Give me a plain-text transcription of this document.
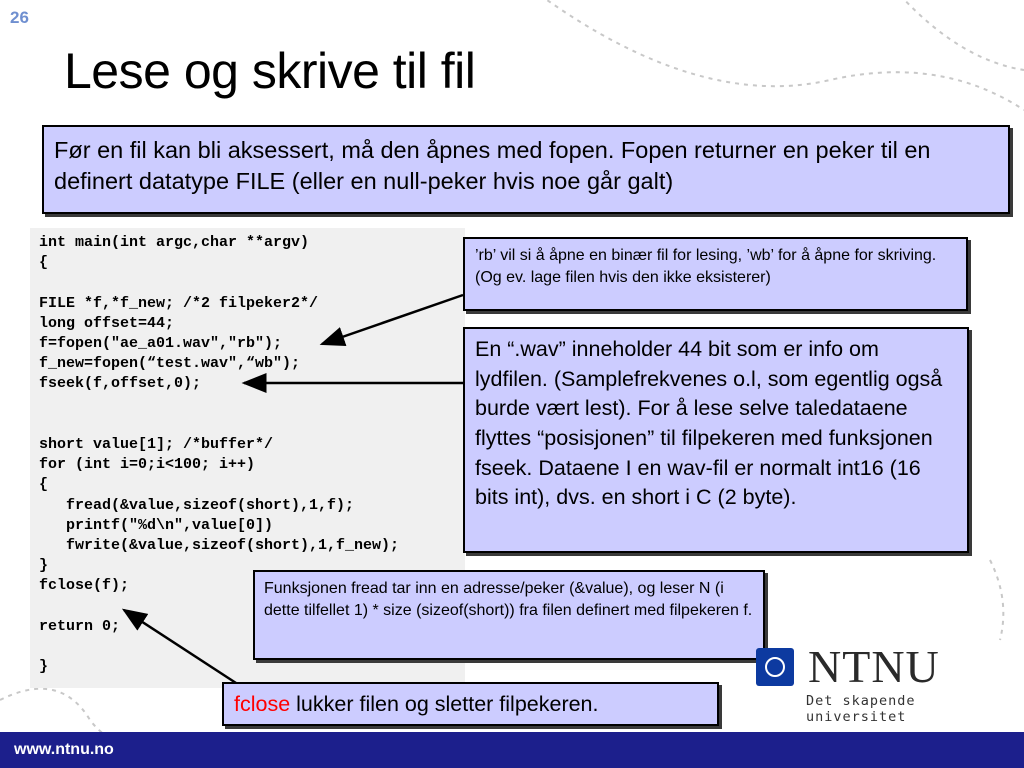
26
Lese og skrive til fil
Før en fil kan bli aksessert, må den åpnes med fopen. Fopen returner en peker til en definert datatype FILE (eller en null-peker hvis noe går galt)
int main(int argc,char **argv)
{

FILE *f,*f_new; /*2 filpeker2*/
long offset=44;
f=fopen("ae_a01.wav","rb");
f_new=fopen(“test.wav",“wb");
fseek(f,offset,0);

short value[1]; /*buffer*/
for (int i=0;i<100; i++)
{
fread(&value,sizeof(short),1,f);
printf("%d\n",value[0])
fwrite(&value,sizeof(short),1,f_new);
}
fclose(f);

return 0;

}

’rb’ vil si å åpne en binær fil for lesing, ’wb’ for å åpne for skriving. (Og ev. lage filen hvis den ikke eksisterer)
En “.wav” inneholder 44 bit som er info om lydfilen. (Samplefrekvenes o.l, som egentlig også burde vært lest). For å lese selve taledataene flyttes “posisjonen” til filpekeren med funksjonen fseek. Dataene I en wav-fil er normalt int16 (16 bits int), dvs. en short i C (2 byte).
Funksjonen fread tar inn en adresse/peker (&value), og leser N (i dette tilfellet 1) * size (sizeof(short)) fra filen definert med filpekeren f.
fclose lukker filen og sletter filpekeren.
NTNU
Det skapende universitet
www.ntnu.no
